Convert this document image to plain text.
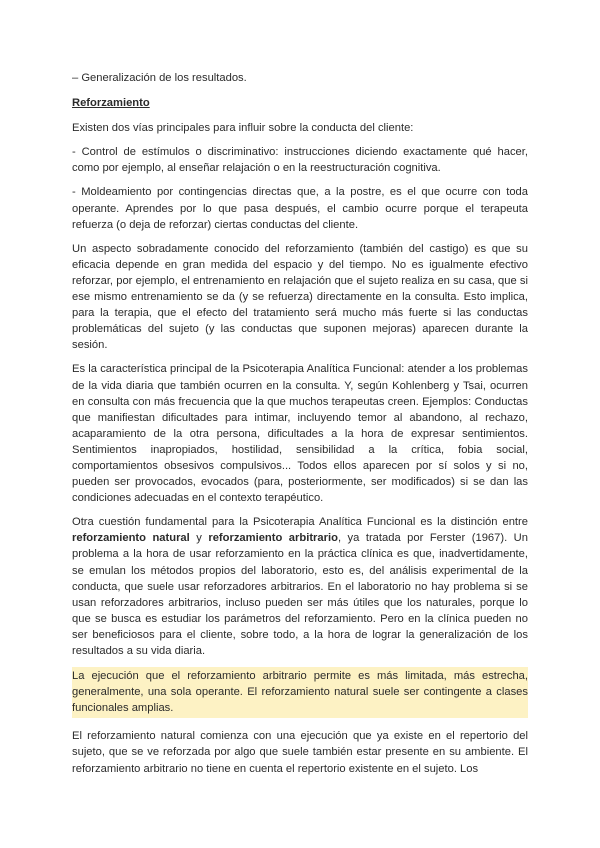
– Generalización de los resultados.

Reforzamiento

Existen dos vías principales para influir sobre la conducta del cliente:

- Control de estímulos o discriminativo: instrucciones diciendo exactamente qué hacer, como por ejemplo, al enseñar relajación o en la reestructuración cognitiva.

- Moldeamiento por contingencias directas que, a la postre, es el que ocurre con toda operante. Aprendes por lo que pasa después, el cambio ocurre porque el terapeuta refuerza (o deja de reforzar) ciertas conductas del cliente.

Un aspecto sobradamente conocido del reforzamiento (también del castigo) es que su eficacia depende en gran medida del espacio y del tiempo. No es igualmente efectivo reforzar, por ejemplo, el entrenamiento en relajación que el sujeto realiza en su casa, que si ese mismo entrenamiento se da (y se refuerza) directamente en la consulta. Esto implica, para la terapia, que el efecto del tratamiento será mucho más fuerte si las conductas problemáticas del sujeto (y las conductas que suponen mejoras) aparecen durante la sesión.

Es la característica principal de la Psicoterapia Analítica Funcional: atender a los problemas de la vida diaria que también ocurren en la consulta. Y, según Kohlenberg y Tsai, ocurren en consulta con más frecuencia que la que muchos terapeutas creen. Ejemplos: Conductas que manifiestan dificultades para intimar, incluyendo temor al abandono, al rechazo, acaparamiento de la otra persona, dificultades a la hora de expresar sentimientos. Sentimientos inapropiados, hostilidad, sensibilidad a la crítica, fobia social, comportamientos obsesivos compulsivos... Todos ellos aparecen por sí solos y si no, pueden ser provocados, evocados (para, posteriormente, ser modificados) si se dan las condiciones adecuadas en el contexto terapéutico.

Otra cuestión fundamental para la Psicoterapia Analítica Funcional es la distinción entre reforzamiento natural y reforzamiento arbitrario, ya tratada por Ferster (1967). Un problema a la hora de usar reforzamiento en la práctica clínica es que, inadvertidamente, se emulan los métodos propios del laboratorio, esto es, del análisis experimental de la conducta, que suele usar reforzadores arbitrarios. En el laboratorio no hay problema si se usan reforzadores arbitrarios, incluso pueden ser más útiles que los naturales, porque lo que se busca es estudiar los parámetros del reforzamiento. Pero en la clínica pueden no ser beneficiosos para el cliente, sobre todo, a la hora de lograr la generalización de los resultados a su vida diaria.

La ejecución que el reforzamiento arbitrario permite es más limitada, más estrecha, generalmente, una sola operante. El reforzamiento natural suele ser contingente a clases funcionales amplias.

El reforzamiento natural comienza con una ejecución que ya existe en el repertorio del sujeto, que se ve reforzada por algo que suele también estar presente en su ambiente. El reforzamiento arbitrario no tiene en cuenta el repertorio existente en el sujeto. Los
